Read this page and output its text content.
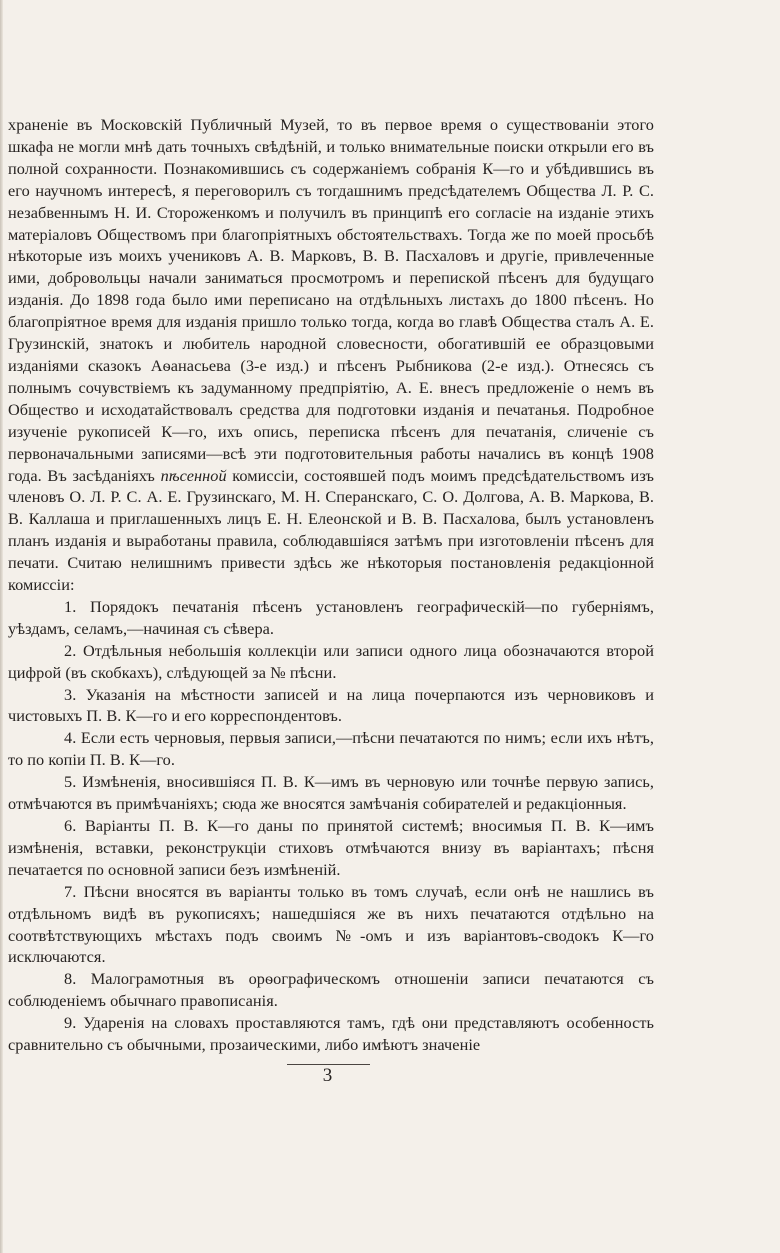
храненіе въ Московскій Публичный Музей, то въ первое время о существованіи этого шкафа не могли мнѣ дать точныхъ свѣдѣній, и только внимательные поиски открыли его въ полной сохранности. Познакомившись съ содержаніемъ собранія К—го и убѣдившись въ его научномъ интересѣ, я переговорилъ съ тогдашнимъ предсѣдателемъ Общества Л. Р. С. незабвеннымъ Н. И. Стороженкомъ и получилъ въ принципѣ его согласіе на изданіе этихъ матеріаловъ Обществомъ при благопріятныхъ обстоятельствахъ. Тогда же по моей просьбѣ нѣкоторые изъ моихъ учениковъ А. В. Марковъ, В. В. Пасхаловъ и другіе, привлеченные ими, добровольцы начали заниматься просмотромъ и перепиской пѣсенъ для будущаго изданія. До 1898 года было ими переписано на отдѣльныхъ листахъ до 1800 пѣсенъ. Но благопріятное время для изданія пришло только тогда, когда во главѣ Общества сталъ А. Е. Грузинскій, знатокъ и любитель народной словесности, обогатившій ее образцовыми изданіями сказокъ Аѳанасьева (3-е изд.) и пѣсенъ Рыбникова (2-е изд.). Отнесясь съ полнымъ сочувствіемъ къ задуманному предпріятію, А. Е. внесъ предложеніе о немъ въ Общество и исходатайствовалъ средства для подготовки изданія и печатанья. Подробное изученіе рукописей К—го, ихъ опись, переписка пѣсенъ для печатанія, сличеніе съ первоначальными записями—всѣ эти подготовительныя работы начались въ концѣ 1908 года. Въ засѣданіяхъ пѣсенной комиссіи, состоявшей подъ моимъ предсѣдательствомъ изъ членовъ О. Л. Р. С. А. Е. Грузинскаго, М. Н. Сперанскаго, С. О. Долгова, А. В. Маркова, В. В. Каллаша и приглашенныхъ лицъ Е. Н. Елеонской и В. В. Пасхалова, былъ установленъ планъ изданія и выработаны правила, соблюдавшіяся затѣмъ при изготовленіи пѣсенъ для печати. Считаю нелишнимъ привести здѣсь же нѣкоторыя постановленія редакціонной комиссіи:

1. Порядокъ печатанія пѣсенъ установленъ географическій—по губерніямъ, уѣздамъ, селамъ,—начиная съ сѣвера.

2. Отдѣльныя небольшія коллекціи или записи одного лица обозначаются второй цифрой (въ скобкахъ), слѣдующей за № пѣсни.

3. Указанія на мѣстности записей и на лица почерпаются изъ черновиковъ и чистовыхъ П. В. К—го и его корреспондентовъ.

4. Если есть черновыя, первыя записи,—пѣсни печатаются по нимъ; если ихъ нѣтъ, то по копіи П. В. К—го.

5. Измѣненія, вносившіяся П. В. К—имъ въ черновую или точнѣе первую запись, отмѣчаются въ примѣчаніяхъ; сюда же вносятся замѣчанія собирателей и редакціонныя.

6. Варіанты П. В. К—го даны по принятой системѣ; вносимыя П. В. К—имъ измѣненія, вставки, реконструкціи стиховъ отмѣчаются внизу въ варіантахъ; пѣсня печатается по основной записи безъ измѣненій.

7. Пѣсни вносятся въ варіанты только въ томъ случаѣ, если онѣ не нашлись въ отдѣльномъ видѣ въ рукописяхъ; нашедшіяся же въ нихъ печатаются отдѣльно на соотвѣтствующихъ мѣстахъ подъ своимъ №-омъ и изъ варіантовъ-сводокъ К—го исключаются.

8. Малограмотныя въ орѳографическомъ отношеніи записи печатаются съ соблюденіемъ обычнаго правописанія.

9. Ударенія на словахъ проставляются тамъ, гдѣ они представляютъ особенность сравнительно съ обычными, прозаическими, либо имѣютъ значеніе

3
